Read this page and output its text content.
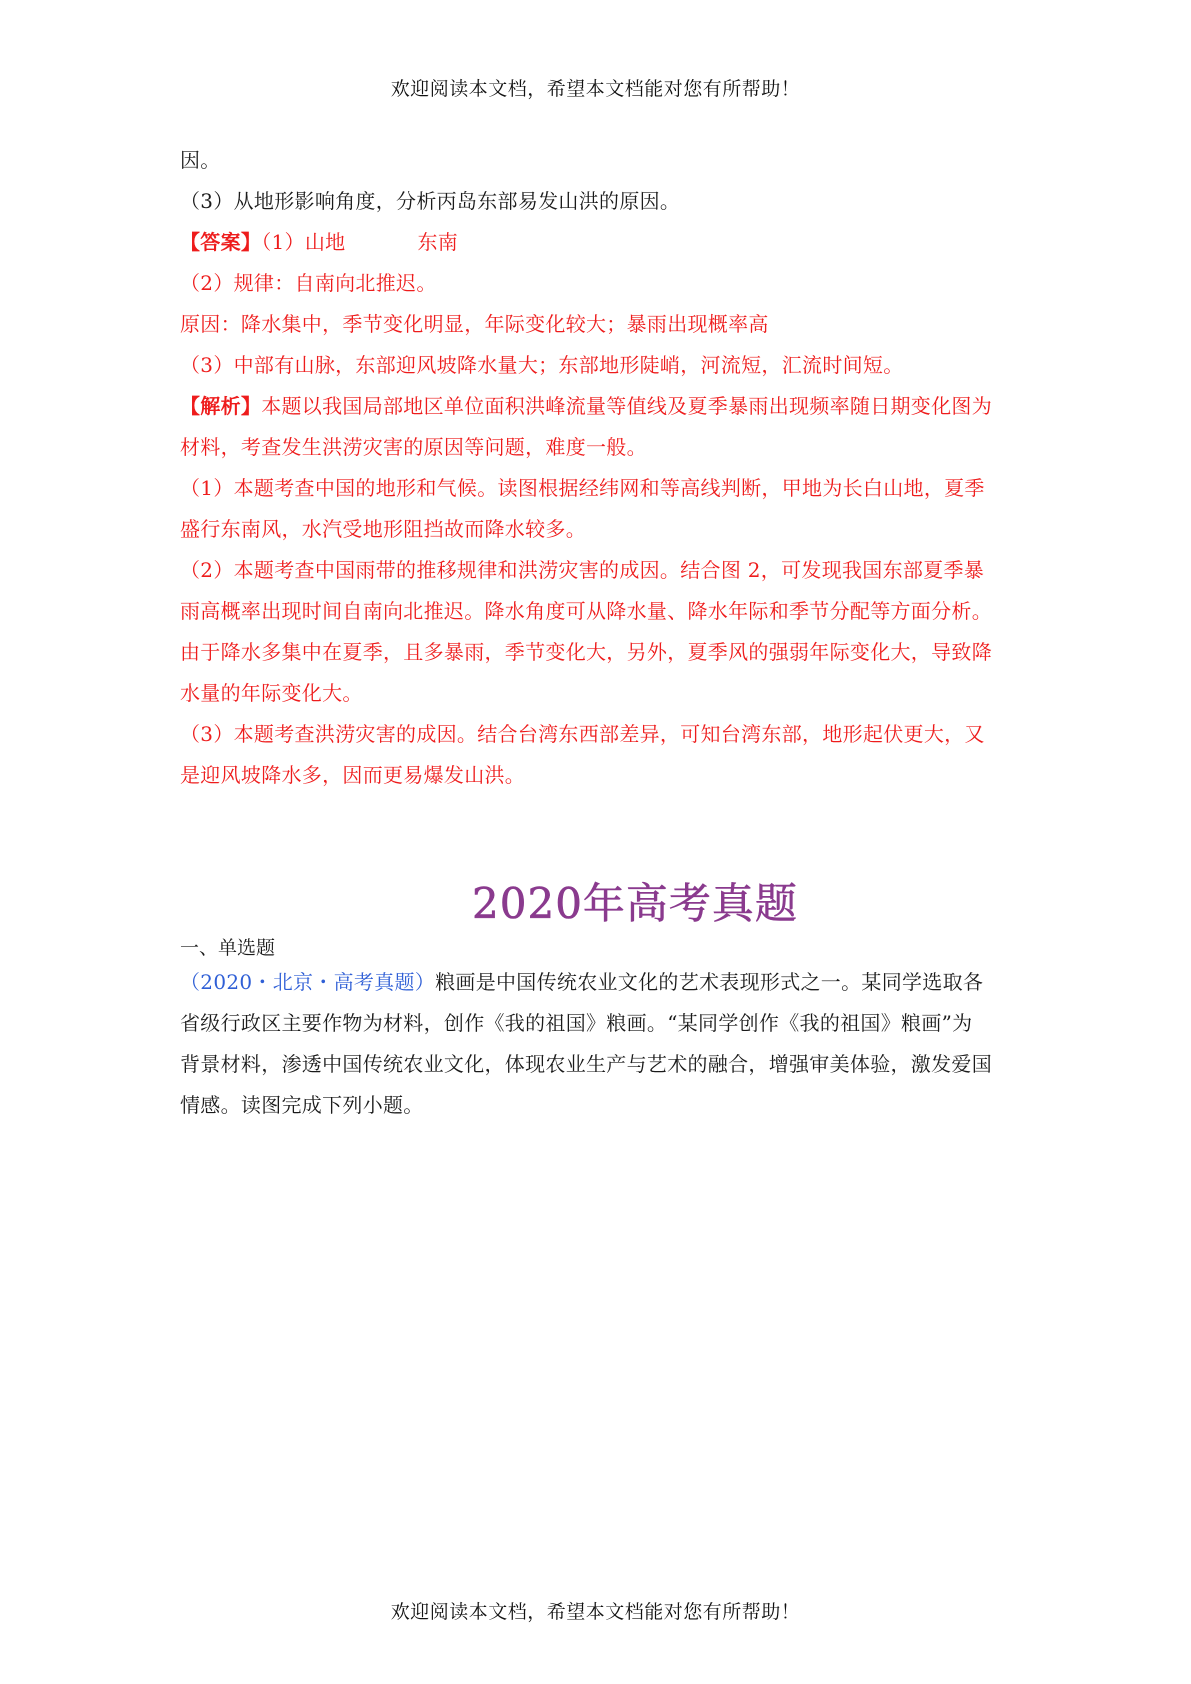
欢迎阅读本文档，希望本文档能对您有所帮助！

因。

（3）从地形影响角度，分析丙岛东部易发山洪的原因。

【答案】（1）山地	东南

（2）规律：自南向北推迟。

原因：降水集中，季节变化明显，年际变化较大；暴雨出现概率高

（3）中部有山脉，东部迎风坡降水量大；东部地形陡峭，河流短，汇流时间短。

【解析】本题以我国局部地区单位面积洪峰流量等值线及夏季暴雨出现频率随日期变化图为

材料，考查发生洪涝灾害的原因等问题，难度一般。

（1）本题考查中国的地形和气候。读图根据经纬网和等高线判断，甲地为长白山地，夏季

盛行东南风，水汽受地形阻挡故而降水较多。

（2）本题考查中国雨带的推移规律和洪涝灾害的成因。结合图 2，可发现我国东部夏季暴

雨高概率出现时间自南向北推迟。降水角度可从降水量、降水年际和季节分配等方面分析。

由于降水多集中在夏季，且多暴雨，季节变化大，另外，夏季风的强弱年际变化大，导致降

水量的年际变化大。

（3）本题考查洪涝灾害的成因。结合台湾东西部差异，可知台湾东部，地形起伏更大，又

是迎风坡降水多，因而更易爆发山洪。

2020年高考真题

一、单选题

（2020・北京・高考真题）粮画是中国传统农业文化的艺术表现形式之一。某同学选取各

省级行政区主要作物为材料，创作《我的祖国》粮画。“某同学创作《我的祖国》粮画”为

背景材料，渗透中国传统农业文化，体现农业生产与艺术的融合，增强审美体验，激发爱国

情感。读图完成下列小题。

欢迎阅读本文档，希望本文档能对您有所帮助！
